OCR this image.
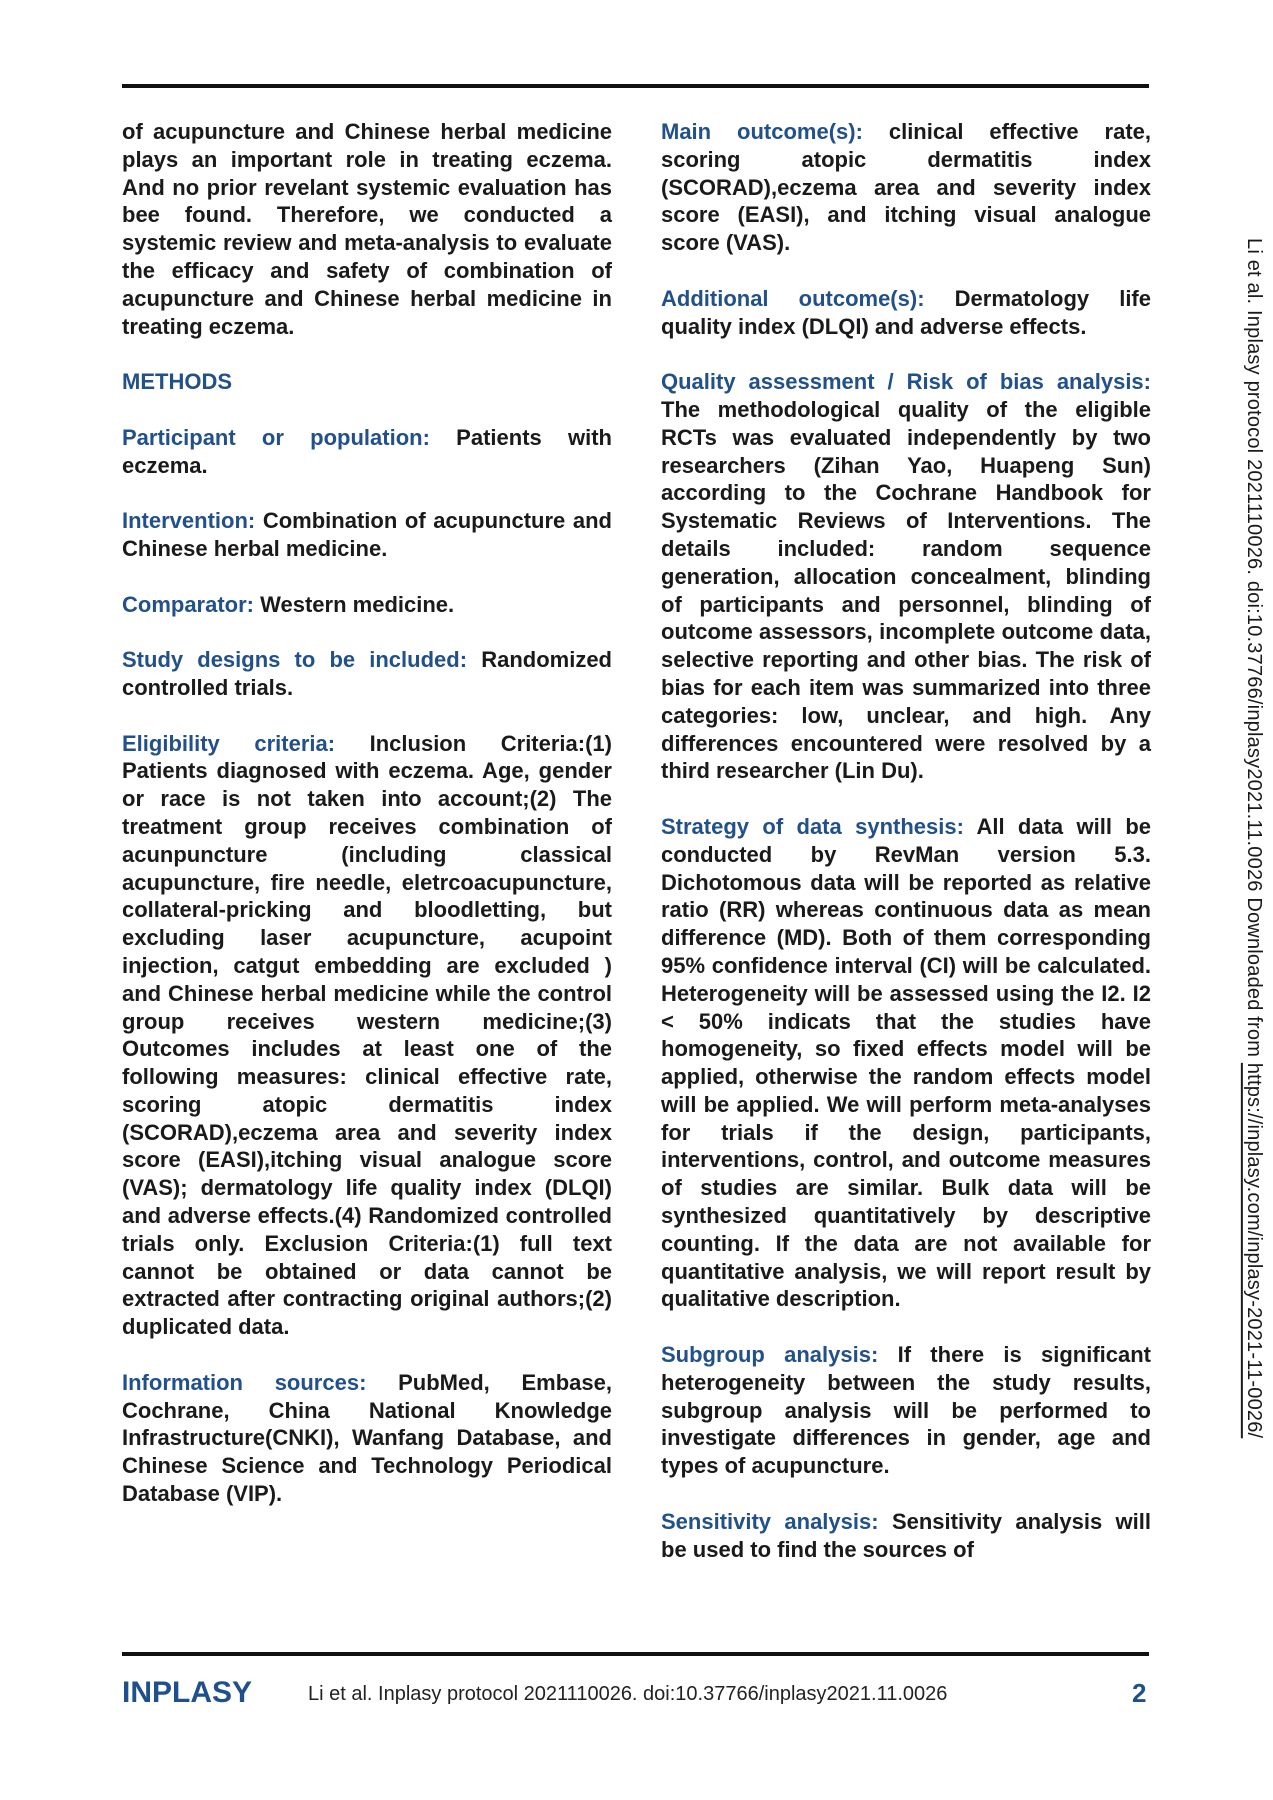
of acupuncture and Chinese herbal medicine plays an important role in treating eczema. And no prior revelant systemic evaluation has bee found. Therefore, we conducted a systemic review and meta-analysis to evaluate the efficacy and safety of combination of acupuncture and Chinese herbal medicine in treating eczema.

METHODS

Participant or population: Patients with eczema.

Intervention: Combination of acupuncture and Chinese herbal medicine.

Comparator: Western medicine.

Study designs to be included: Randomized controlled trials.

Eligibility criteria: Inclusion Criteria:(1) Patients diagnosed with eczema. Age, gender or race is not taken into account;(2) The treatment group receives combination of acunpuncture (including classical acupuncture, fire needle, eletrcoacupuncture, collateral-pricking and bloodletting, but excluding laser acupuncture, acupoint injection, catgut embedding are excluded ) and Chinese herbal medicine while the control group receives western medicine;(3) Outcomes includes at least one of the following measures: clinical effective rate, scoring atopic dermatitis index (SCORAD),eczema area and severity index score (EASI),itching visual analogue score (VAS); dermatology life quality index (DLQI) and adverse effects.(4) Randomized controlled trials only. Exclusion Criteria:(1) full text cannot be obtained or data cannot be extracted after contracting original authors;(2) duplicated data.

Information sources: PubMed, Embase, Cochrane, China National Knowledge Infrastructure(CNKI), Wanfang Database, and Chinese Science and Technology Periodical Database (VIP).

Main outcome(s): clinical effective rate, scoring atopic dermatitis index (SCORAD),eczema area and severity index score (EASI), and itching visual analogue score (VAS).

Additional outcome(s): Dermatology life quality index (DLQI) and adverse effects.

Quality assessment / Risk of bias analysis: The methodological quality of the eligible RCTs was evaluated independently by two researchers (Zihan Yao, Huapeng Sun) according to the Cochrane Handbook for Systematic Reviews of Interventions. The details included: random sequence generation, allocation concealment, blinding of participants and personnel, blinding of outcome assessors, incomplete outcome data, selective reporting and other bias. The risk of bias for each item was summarized into three categories: low, unclear, and high. Any differences encountered were resolved by a third researcher (Lin Du).

Strategy of data synthesis: All data will be conducted by RevMan version 5.3. Dichotomous data will be reported as relative ratio (RR) whereas continuous data as mean difference (MD). Both of them corresponding 95% confidence interval (CI) will be calculated. Heterogeneity will be assessed using the I2. I2 < 50% indicats that the studies have homogeneity, so fixed effects model will be applied, otherwise the random effects model will be applied. We will perform meta-analyses for trials if the design, participants, interventions, control, and outcome measures of studies are similar. Bulk data will be synthesized quantitatively by descriptive counting. If the data are not available for quantitative analysis, we will report result by qualitative description.

Subgroup analysis: If there is significant heterogeneity between the study results, subgroup analysis will be performed to investigate differences in gender, age and types of acupuncture.

Sensitivity analysis: Sensitivity analysis will be used to find the sources of

Li et al. Inplasy protocol 2021110026. doi:10.37766/inplasy2021.11.0026 Downloaded from https://inplasy.com/inplasy-2021-11-0026/
INPLASY	Li et al. Inplasy protocol 2021110026. doi:10.37766/inplasy2021.11.0026	2
